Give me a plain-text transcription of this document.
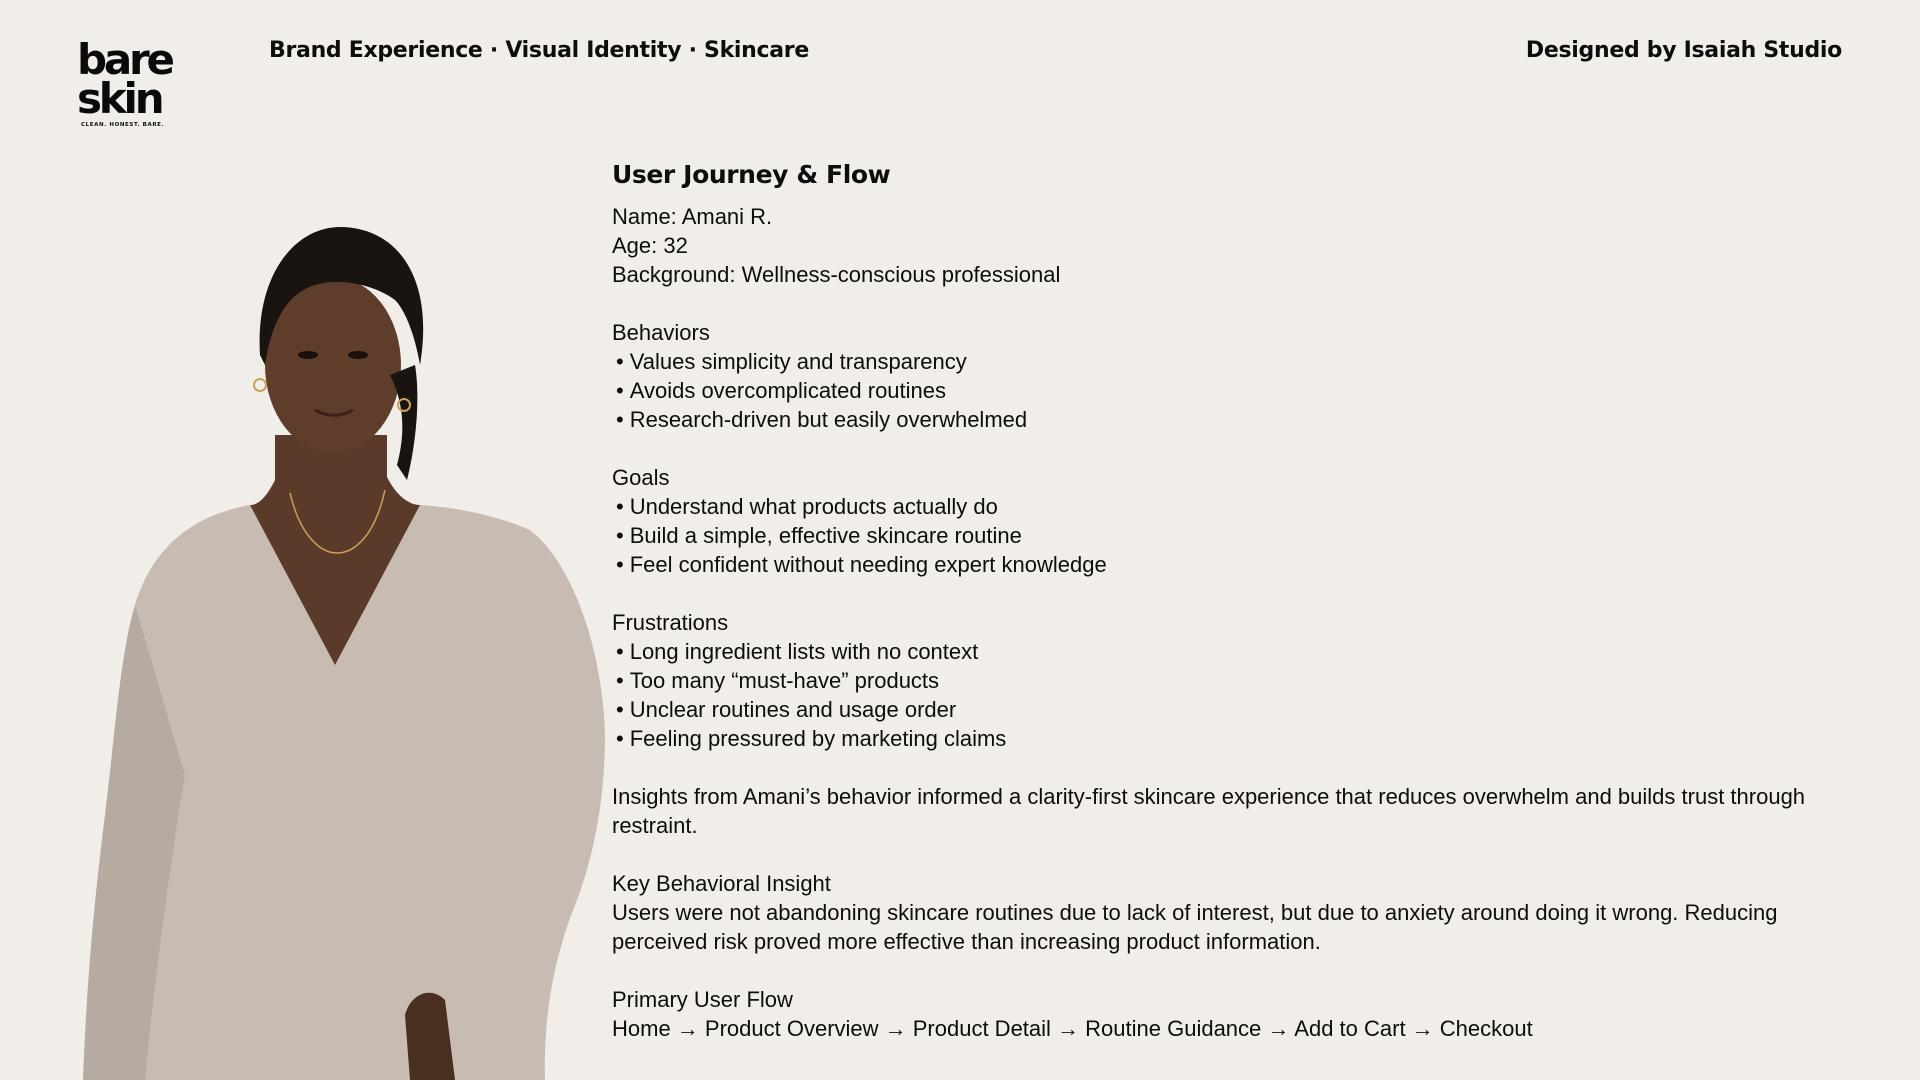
bare
skin
CLEAN. HONEST. BARE.
Brand Experience · Visual Identity · Skincare	Designed by Isaiah Studio
User Journey & Flow
Name: Amani R.
Age: 32
Background: Wellness-conscious professional
Behaviors
• Values simplicity and transparency
• Avoids overcomplicated routines
• Research-driven but easily overwhelmed
Goals
• Understand what products actually do
• Build a simple, effective skincare routine
• Feel confident without needing expert knowledge
Frustrations
• Long ingredient lists with no context
• Too many “must-have” products
• Unclear routines and usage order
• Feeling pressured by marketing claims

Insights from Amani’s behavior informed a clarity-first skincare experience that reduces overwhelm and builds trust through restraint.

Key Behavioral Insight

Users were not abandoning skincare routines due to lack of interest, but due to anxiety around doing it wrong. Reducing perceived risk proved more effective than increasing product information.

Primary User Flow
Home → Product Overview → Product Detail → Routine Guidance → Add to Cart → Checkout
